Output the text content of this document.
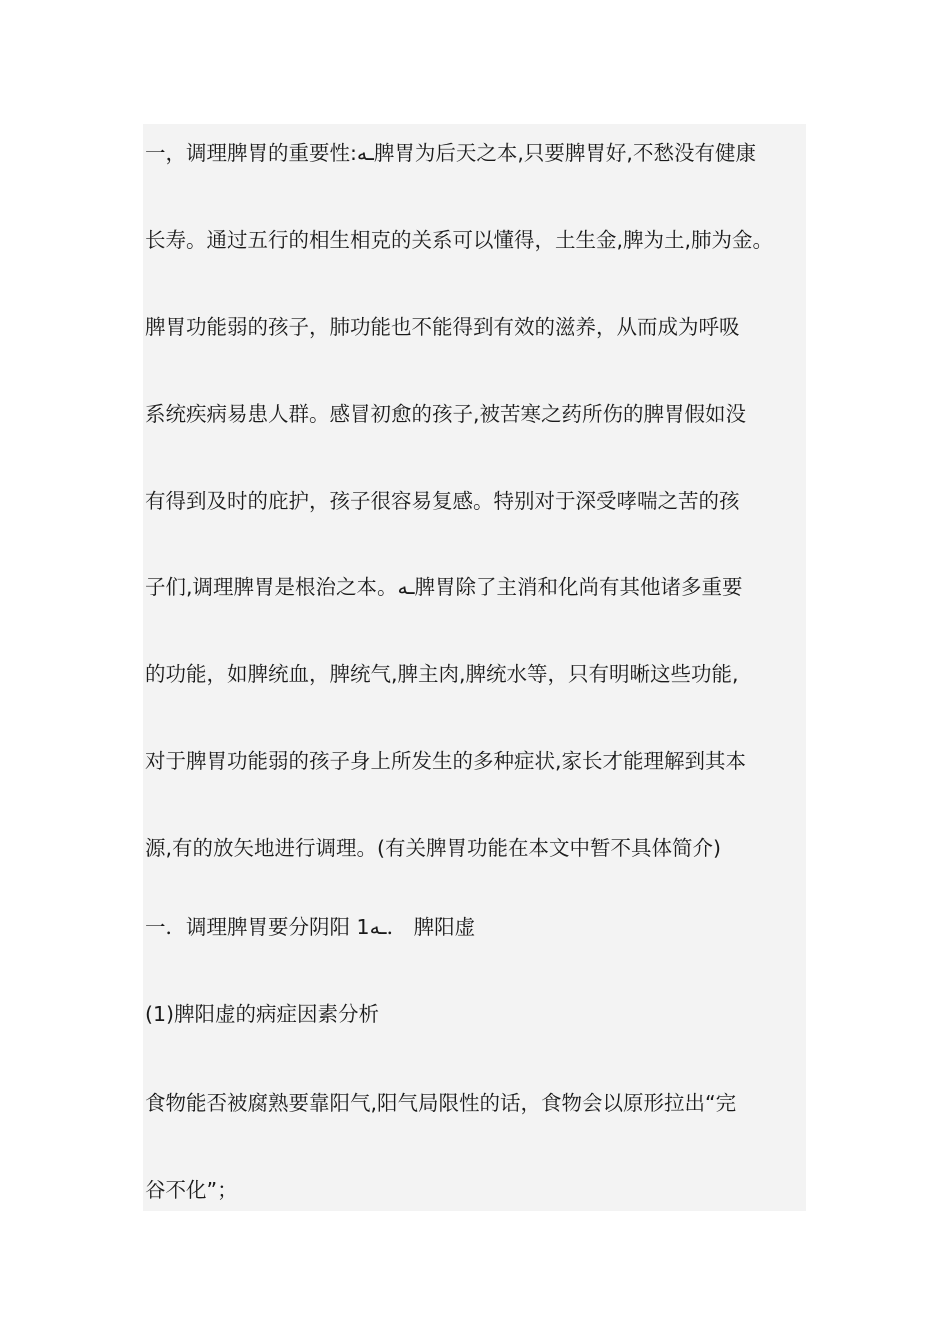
一，调理脾胃的重要性:ـه脾胃为后天之本,只要脾胃好,不愁没有健康
长寿。通过五行的相生相克的关系可以懂得，土生金,脾为土,肺为金。
脾胃功能弱的孩子，肺功能也不能得到有效的滋养，从而成为呼吸
系统疾病易患人群。感冒初愈的孩子,被苦寒之药所伤的脾胃假如没
有得到及时的庇护，孩子很容易复感。特别对于深受哮喘之苦的孩
子们,调理脾胃是根治之本。ـه脾胃除了主消和化尚有其他诸多重要
的功能，如脾统血，脾统气,脾主肉,脾统水等，只有明晰这些功能,
对于脾胃功能弱的孩子身上所发生的多种症状,家长才能理解到其本
源,有的放矢地进行调理。(有关脾胃功能在本文中暂不具体简介)
一．调理脾胃要分阴阳 1ـه． 脾阳虚
(1)脾阳虚的病症因素分析
食物能否被腐熟要靠阳气,阳气局限性的话，食物会以原形拉出“完
谷不化”；
